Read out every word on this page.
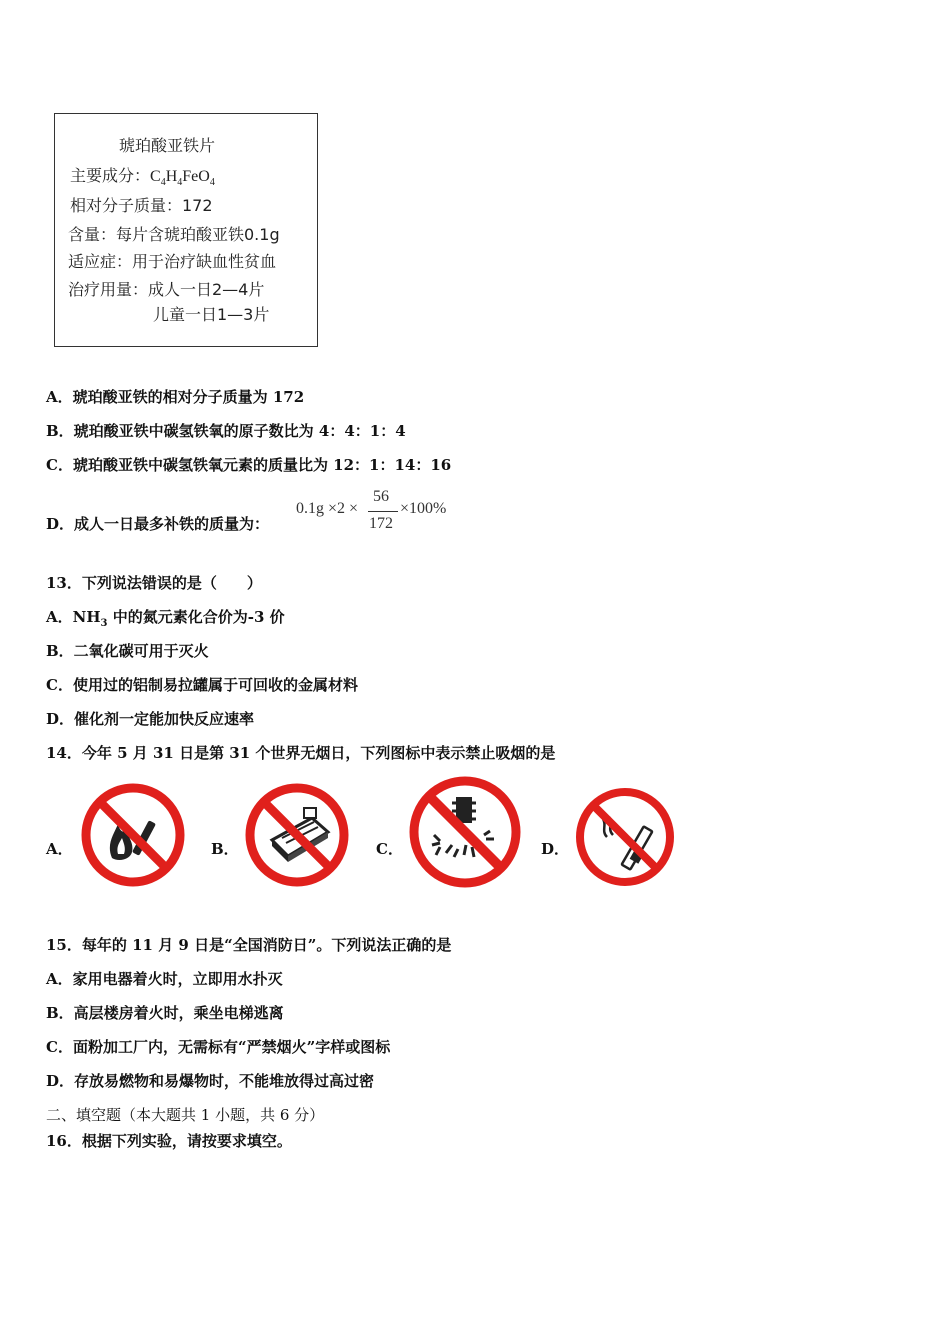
琥珀酸亚铁片
主要成分：$C_4H_4FeO_4$
相对分子质量：172
含量：每片含琥珀酸亚铁0.1g
适应症：用于治疗缺血性贫血
治疗用量：成人一日2—4片
儿童一日1—3片
A．琥珀酸亚铁的相对分子质量为 172
B．琥珀酸亚铁中碳氢铁氧的原子数比为 4：4：1：4
C．琥珀酸亚铁中碳氢铁氧元素的质量比为 12：1：14：16
D．成人一日最多补铁的质量为：
0.1g ×2 ×
56
172
×100%
13．下列说法错误的是（　　）
A．$NH_3$ 中的氮元素化合价为-3 价
B．二氧化碳可用于灭火
C．使用过的铝制易拉罐属于可回收的金属材料
D．催化剂一定能加快反应速率
14．今年 5 月 31 日是第 31 个世界无烟日，下列图标中表示禁止吸烟的是
A．	B．	C．	D．
15．每年的 11 月 9 日是“全国消防日”。下列说法正确的是
A．家用电器着火时，立即用水扑灭
B．高层楼房着火时，乘坐电梯逃离
C．面粉加工厂内，无需标有“严禁烟火”字样或图标
D．存放易燃物和易爆物时，不能堆放得过高过密
二、填空题（本大题共 1 小题，共 6 分）
16．根据下列实验，请按要求填空。
